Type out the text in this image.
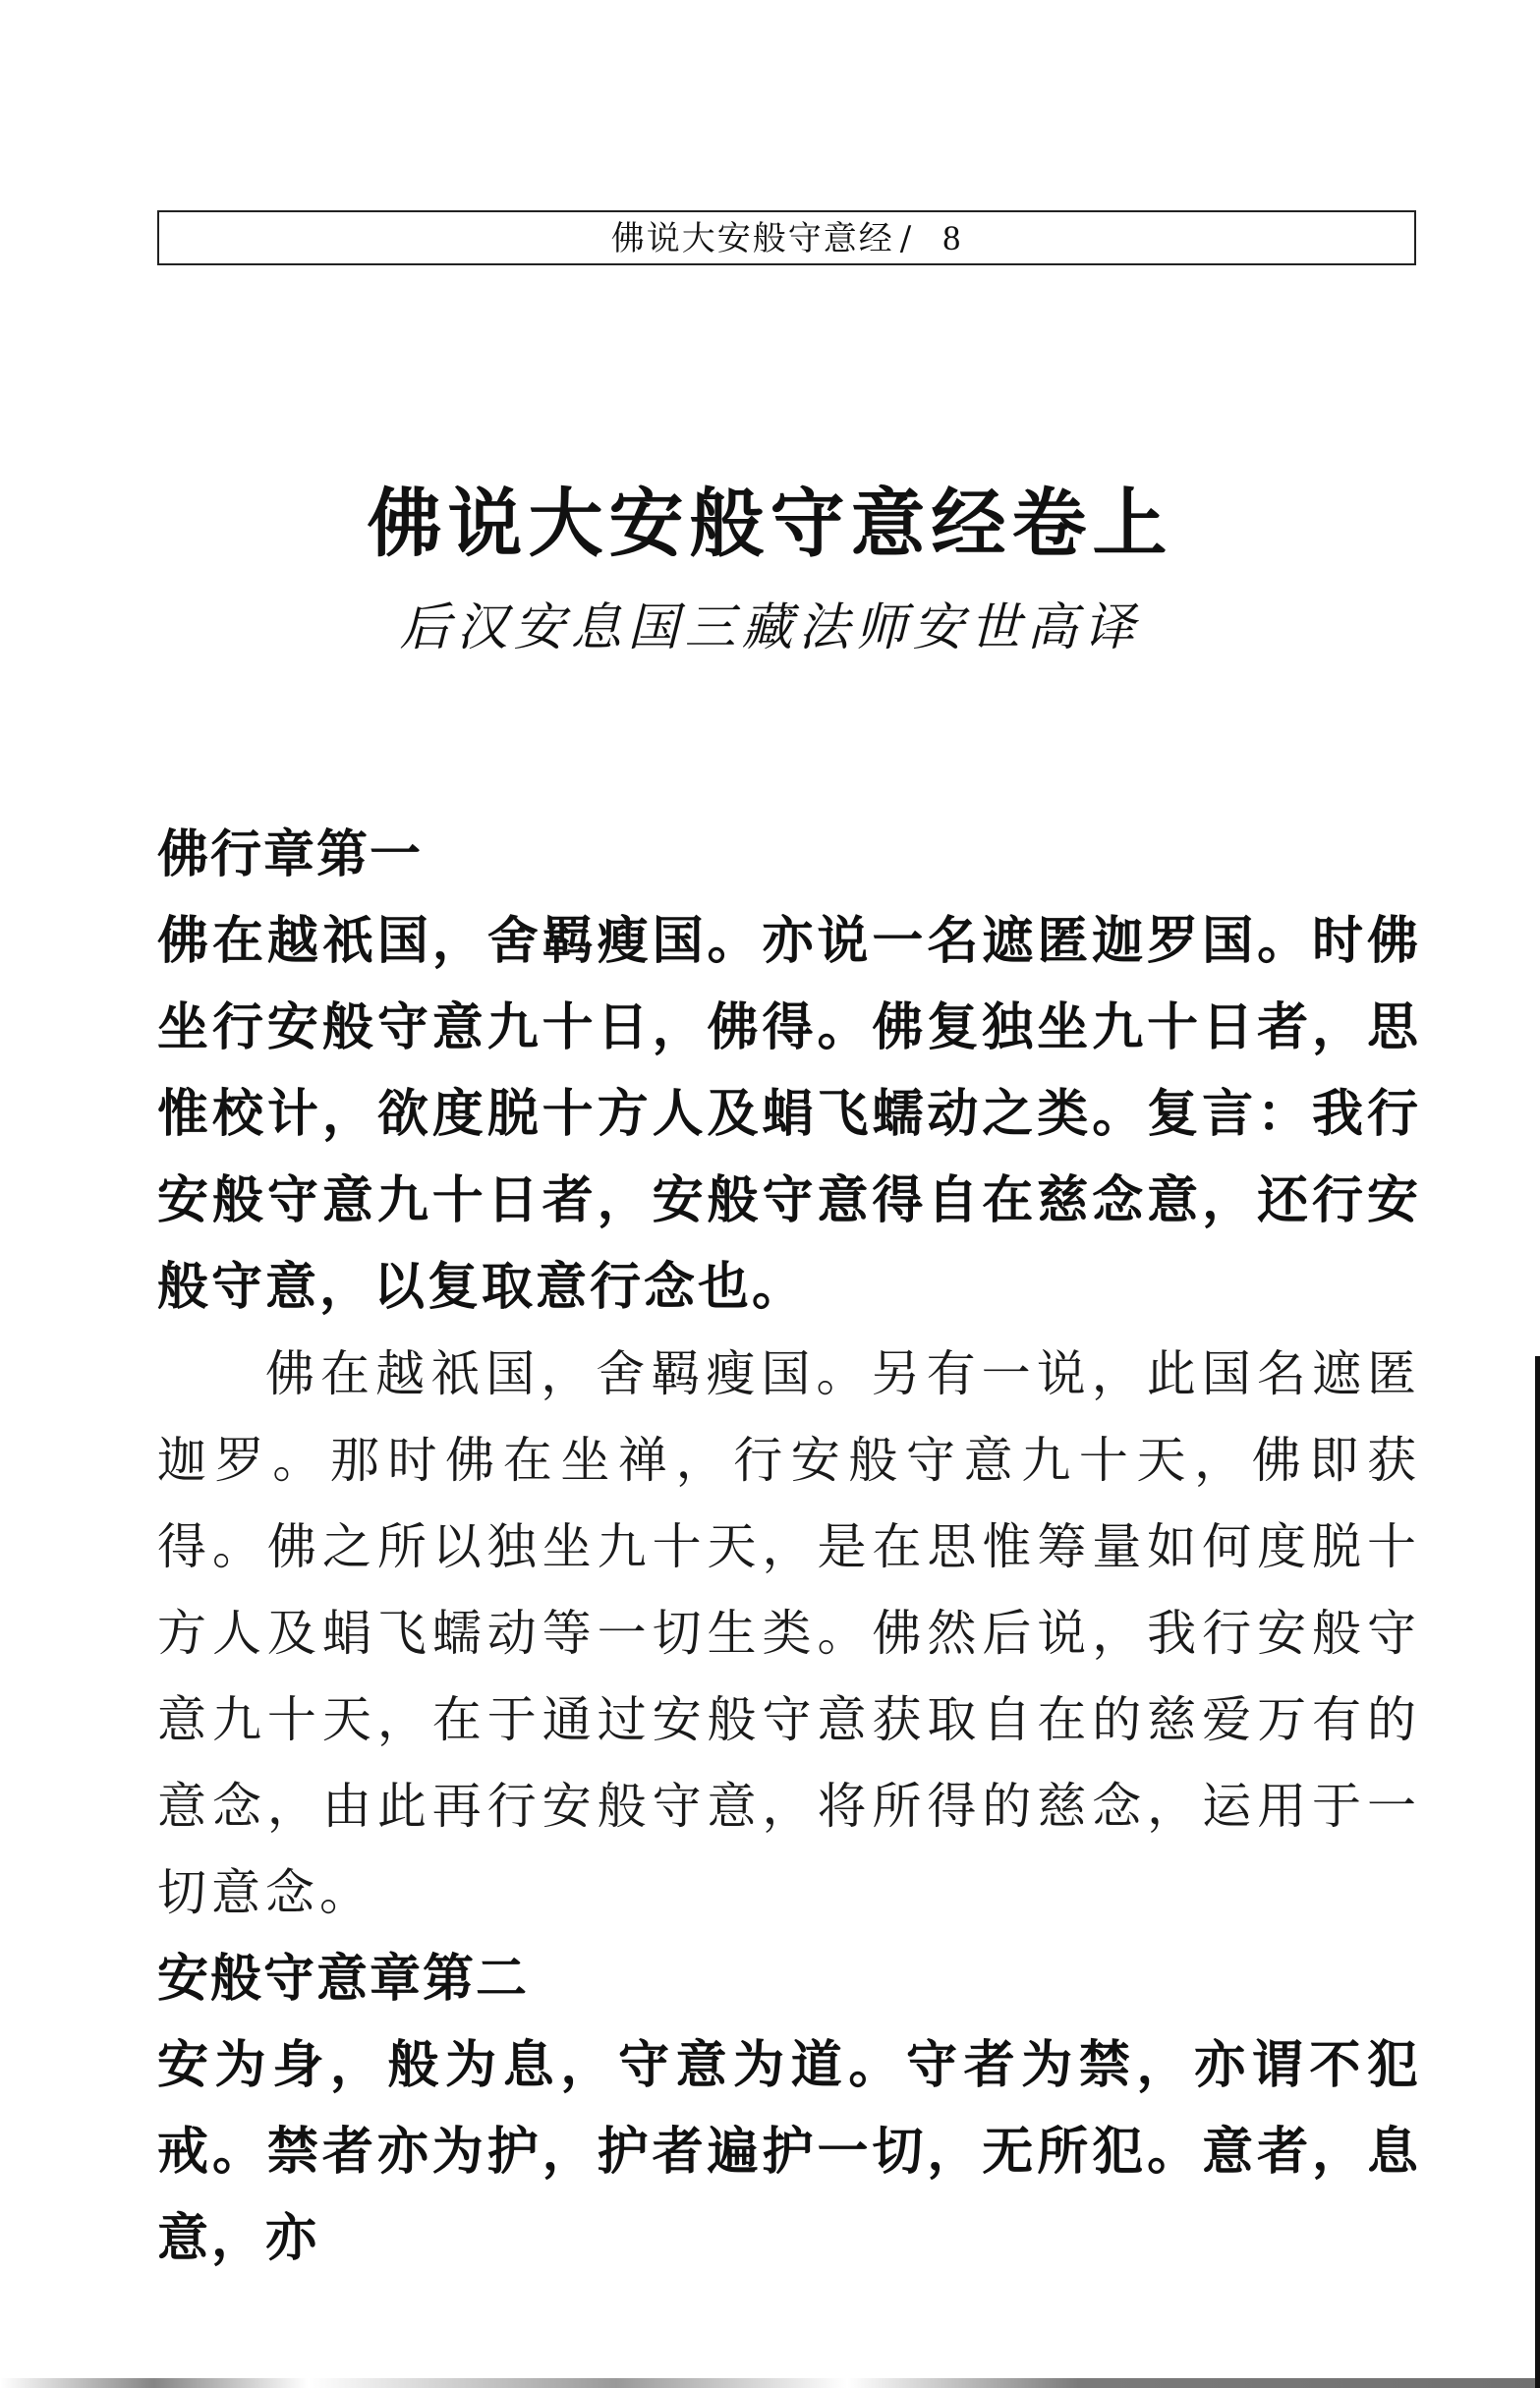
佛说大安般守意经 / 8
佛说大安般守意经卷上
后汉安息国三藏法师安世高译
佛行章第一
佛在越祇国，舍羁瘦国。亦说一名遮匿迦罗国。时佛坐行安般守意九十日，佛得。佛复独坐九十日者，思惟校计，欲度脱十方人及蜎飞蠕动之类。复言：我行安般守意九十日者，安般守意得自在慈念意，还行安般守意，以复取意行念也。
佛在越祇国，舍羁瘦国。另有一说，此国名遮匿迦罗。那时佛在坐禅，行安般守意九十天，佛即获得。佛之所以独坐九十天，是在思惟筹量如何度脱十方人及蜎飞蠕动等一切生类。佛然后说，我行安般守意九十天，在于通过安般守意获取自在的慈爱万有的意念，由此再行安般守意，将所得的慈念，运用于一切意念。
安般守意章第二
安为身，般为息，守意为道。守者为禁，亦谓不犯戒。禁者亦为护，护者遍护一切，无所犯。意者，息意，亦
